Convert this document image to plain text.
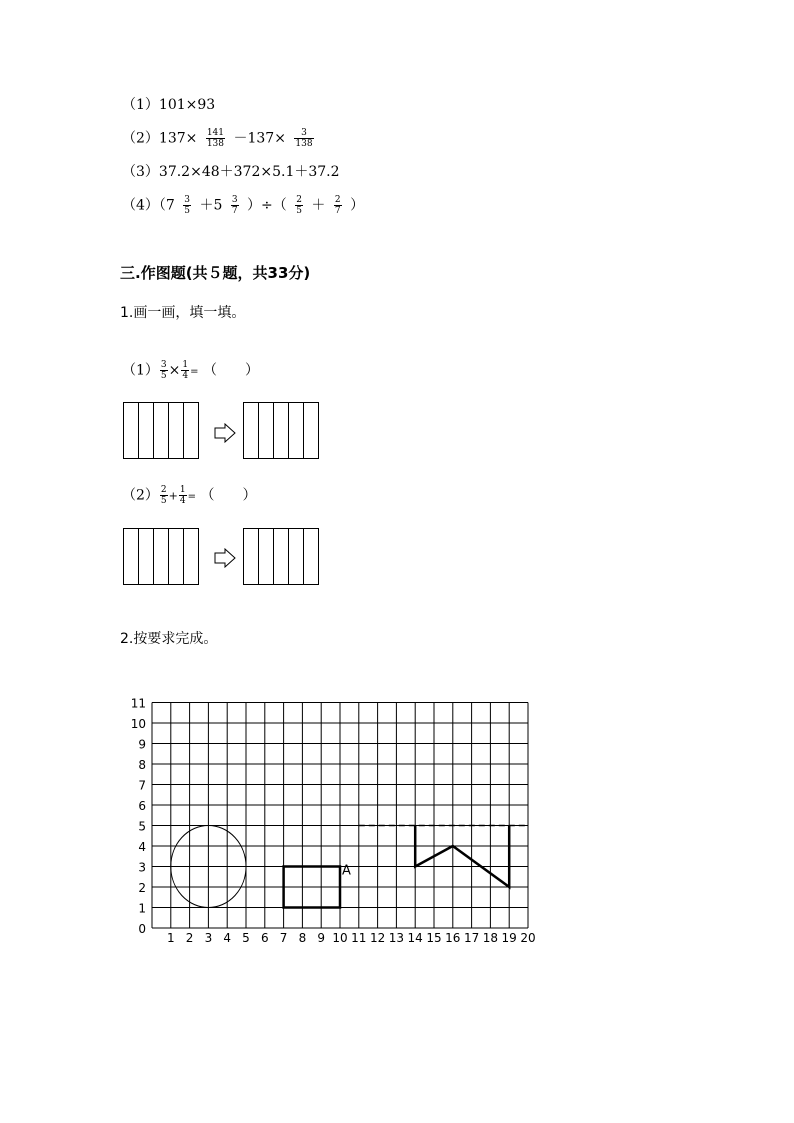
（1）101×93
$(2)137\times \frac{141}{138} -137\times \frac{3}{138}$
（3）37.2×48＋372×5.1＋37.2
$(4)(7 \frac{3}{5} +5 \frac{3}{7}$ ）÷（ $\frac{2}{5} + \frac{2}{7}$ ）
三.作图题(共５题，共33分)
1.画一画，填一填。
$(1) \frac{3}{5} \times \frac{1}{4}$ = （　　）
$(2) \frac{2}{5} + \frac{1}{4}$ = （　　）
2.按要求完成。
1 2 3 4 5 6 7 8 9 10 11 12 13 14 15 16 17 18 19 20
0
1
2
3
4
5
6
7
8
9
10
11
A
